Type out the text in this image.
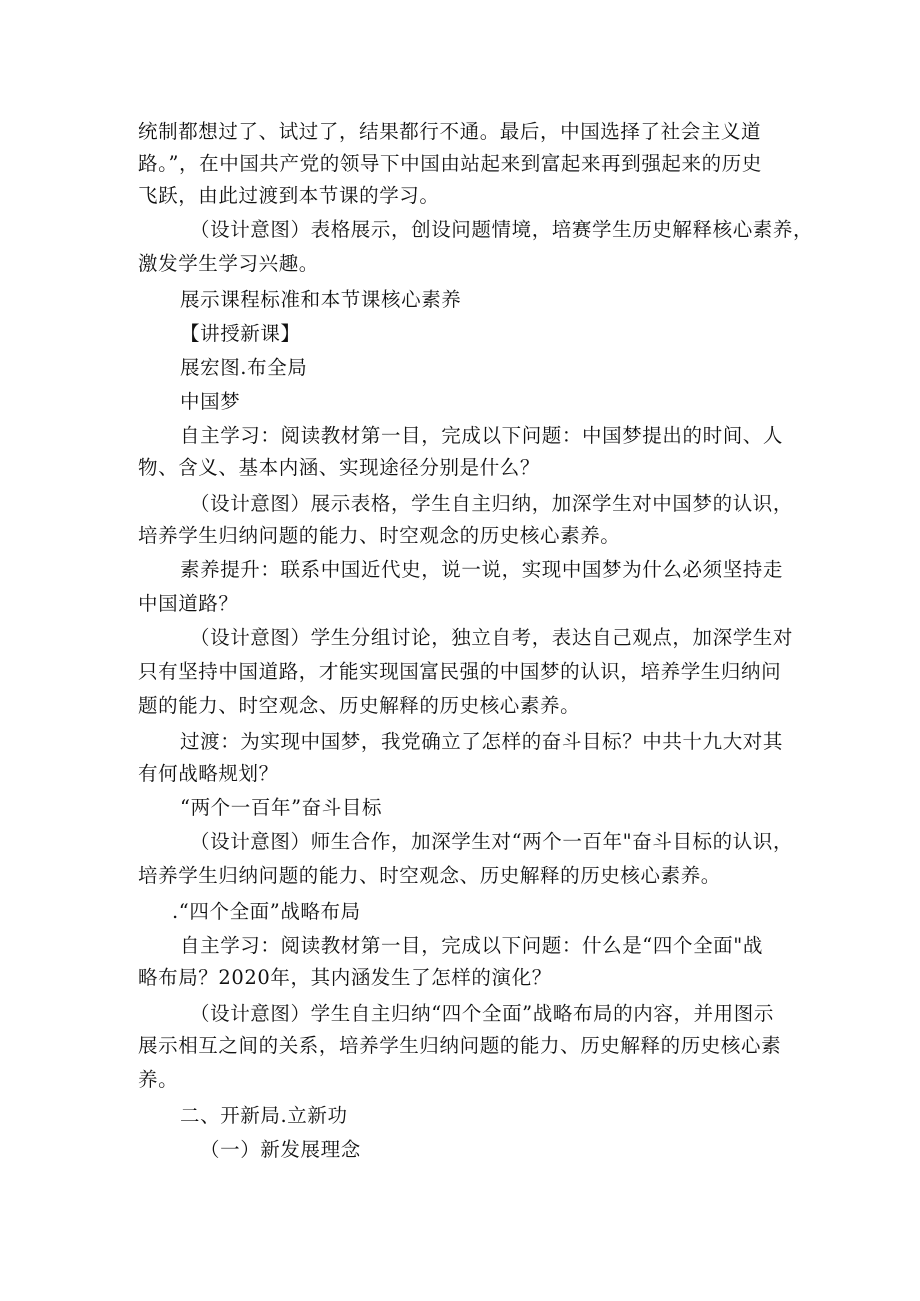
统制都想过了、试过了，结果都行不通。最后，中国选择了社会主义道
路。”，在中国共产党的领导下中国由站起来到富起来再到强起来的历史
飞跃，由此过渡到本节课的学习。
（设计意图）表格展示，创设问题情境，培赛学生历史解释核心素养，
激发学生学习兴趣。
展示课程标准和本节课核心素养
【讲授新课】
展宏图.布全局
中国梦
自主学习：阅读教材第一目，完成以下问题：中国梦提出的时间、人
物、含义、基本内涵、实现途径分别是什么？
（设计意图）展示表格，学生自主归纳，加深学生对中国梦的认识，
培养学生归纳问题的能力、时空观念的历史核心素养。
素养提升：联系中国近代史，说一说，实现中国梦为什么必须坚持走
中国道路？
（设计意图）学生分组讨论，独立自考，表达自己观点，加深学生对
只有坚持中国道路，才能实现国富民强的中国梦的认识，培养学生归纳问
题的能力、时空观念、历史解释的历史核心素养。
过渡：为实现中国梦，我党确立了怎样的奋斗目标？中共十九大对其
有何战略规划？
“两个一百年”奋斗目标
（设计意图）师生合作，加深学生对“两个一百年"奋斗目标的认识，
培养学生归纳问题的能力、时空观念、历史解释的历史核心素养。
.“四个全面”战略布局
自主学习：阅读教材第一目，完成以下问题：什么是“四个全面"战
略布局？2020年，其内涵发生了怎样的演化？
（设计意图）学生自主归纳“四个全面”战略布局的内容，并用图示
展示相互之间的关系，培养学生归纳问题的能力、历史解释的历史核心素
养。
二、开新局.立新功
（一）新发展理念
